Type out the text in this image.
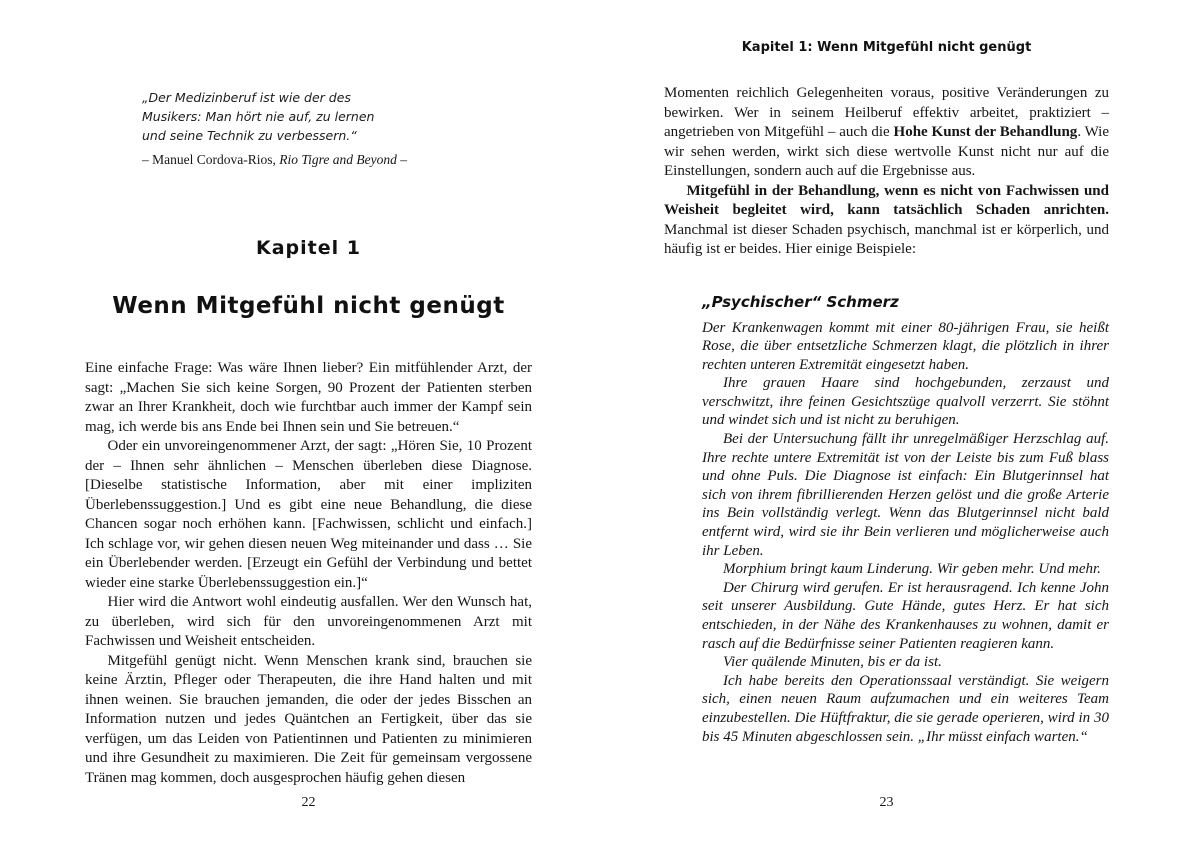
„Der Medizinberuf ist wie der des Musikers: Man hört nie auf, zu lernen und seine Technik zu verbessern.“

– Manuel Cordova-Rios, Rio Tigre and Beyond –

Kapitel 1
Wenn Mitgefühl nicht genügt

Eine einfache Frage: Was wäre Ihnen lieber? Ein mitfühlender Arzt, der sagt: „Machen Sie sich keine Sorgen, 90 Prozent der Patienten sterben zwar an Ihrer Krankheit, doch wie furchtbar auch immer der Kampf sein mag, ich werde bis ans Ende bei Ihnen sein und Sie betreuen.“

Oder ein unvoreingenommener Arzt, der sagt: „Hören Sie, 10 Prozent der – Ihnen sehr ähnlichen – Menschen überleben diese Diagnose. [Dieselbe statistische Information, aber mit einer impliziten Überlebenssuggestion.] Und es gibt eine neue Behandlung, die diese Chancen sogar noch erhöhen kann. [Fachwissen, schlicht und einfach.] Ich schlage vor, wir gehen diesen neuen Weg miteinander und dass … Sie ein Überlebender werden. [Erzeugt ein Gefühl der Verbindung und bettet wieder eine starke Überlebenssuggestion ein.]“

Hier wird die Antwort wohl eindeutig ausfallen. Wer den Wunsch hat, zu überleben, wird sich für den unvoreingenommenen Arzt mit Fachwissen und Weisheit entscheiden.

Mitgefühl genügt nicht. Wenn Menschen krank sind, brauchen sie keine Ärztin, Pfleger oder Therapeuten, die ihre Hand halten und mit ihnen weinen. Sie brauchen jemanden, die oder der jedes Bisschen an Information nutzen und jedes Quäntchen an Fertigkeit, über das sie verfügen, um das Leiden von Patientinnen und Patienten zu minimieren und ihre Gesundheit zu maximieren. Die Zeit für gemeinsam vergossene Tränen mag kommen, doch ausgesprochen häufig gehen diesen

22
Kapitel 1: Wenn Mitgefühl nicht genügt

Momenten reichlich Gelegenheiten voraus, positive Veränderungen zu bewirken. Wer in seinem Heilberuf effektiv arbeitet, praktiziert – angetrieben von Mitgefühl – auch die Hohe Kunst der Behandlung. Wie wir sehen werden, wirkt sich diese wertvolle Kunst nicht nur auf die Einstellungen, sondern auch auf die Ergebnisse aus.

Mitgefühl in der Behandlung, wenn es nicht von Fachwissen und Weisheit begleitet wird, kann tatsächlich Schaden anrichten. Manchmal ist dieser Schaden psychisch, manchmal ist er körperlich, und häufig ist er beides. Hier einige Beispiele:

„Psychischer“ Schmerz

Der Krankenwagen kommt mit einer 80-jährigen Frau, sie heißt Rose, die über entsetzliche Schmerzen klagt, die plötzlich in ihrer rechten unteren Extremität eingesetzt haben.

Ihre grauen Haare sind hochgebunden, zerzaust und verschwitzt, ihre feinen Gesichtszüge qualvoll verzerrt. Sie stöhnt und windet sich und ist nicht zu beruhigen.

Bei der Untersuchung fällt ihr unregelmäßiger Herzschlag auf. Ihre rechte untere Extremität ist von der Leiste bis zum Fuß blass und ohne Puls. Die Diagnose ist einfach: Ein Blutgerinnsel hat sich von ihrem fibrillierenden Herzen gelöst und die große Arterie ins Bein vollständig verlegt. Wenn das Blutgerinnsel nicht bald entfernt wird, wird sie ihr Bein verlieren und möglicherweise auch ihr Leben.

Morphium bringt kaum Linderung. Wir geben mehr. Und mehr.

Der Chirurg wird gerufen. Er ist herausragend. Ich kenne John seit unserer Ausbildung. Gute Hände, gutes Herz. Er hat sich entschieden, in der Nähe des Krankenhauses zu wohnen, damit er rasch auf die Bedürfnisse seiner Patienten reagieren kann.

Vier quälende Minuten, bis er da ist.

Ich habe bereits den Operationssaal verständigt. Sie weigern sich, einen neuen Raum aufzumachen und ein weiteres Team einzubestellen. Die Hüftfraktur, die sie gerade operieren, wird in 30 bis 45 Minuten abgeschlossen sein. „Ihr müsst einfach warten.“

23
